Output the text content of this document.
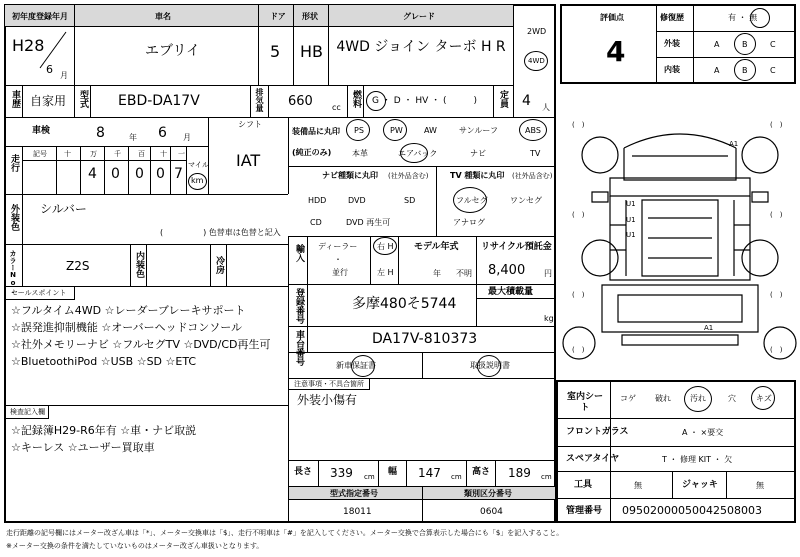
初年度登録年月	車名	ドア 形状	グレード
H28
6 月
エブリイ	5 HB 4WD ジョイン ターボ H R
2WD
4WD
車歴 自家用 型式 EBD-DA17V	排気量 660 cc 燃料 G ・ D ・ HV ・ (　　　) 定員 4 人
車検	8	年 6 月
シフト
IAT
走行 記号 十	万 千 百 十 一
4 0 0 0 7
マイル
km
外装色 シルバー
(　　　　　) 色替車は色替と記入
カラーNo.	Z2S	内装色	冷房
装備品に丸印
(純正のみ)
PS	PW	AW	サンルーフ	ABS
本革	エアバック	ナビ	TV
ナビ種類に丸印 (社外品含む)
HDD	DVD	SD
CD	DVD 再生可
TV 種類に丸印 (社外品含む)
フルセグ	ワンセグ
アナログ
輸入 ディーラー
・
並行
右 H
左 H
モデル年式
年 不明
リサイクル預託金
8,400 円
セールスポイント
☆フルタイム4WD ☆レーダーブレーキサポート
☆誤発進抑制機能 ☆オーバーヘッドコンソール
☆社外メモリーナビ ☆フルセグTV ☆DVD/CD再生可
☆BluetoothiPod ☆USB ☆SD ☆ETC
検査記入欄
☆記録簿H29-R6年有 ☆車・ナビ取説
☆キーレス ☆ユーザー買取車
登録番号	多摩480そ5744
最大積載量
kg
車台番号	DA17V-810373
新車保証書	取扱説明書
注意事項・不具合箇所
外装小傷有
長さ 339 cm 幅 147 cm 高さ 189 cm
型式指定番号	類別区分番号
18011	0604
評価点
4
修復歴	有 ・ 無
外装	A	B	C
内装	A	B	C
(　)	(　)
(　)	(　)
(　)	(　)
(　)	(　)
A1
U1
U1
U1
A1
室内シート
コゲ 破れ 汚れ	穴	キズ
フロントガラス	A ・ ×要交
スペアタイヤ	T ・ 修理 KIT ・ 欠
工具	無	ジャッキ	無
管理番号 09502000050042508003
走行距離の記号欄にはメーター改ざん車は「*」、メーター交換車は「$」、走行不明車は「#」を記入してください。メーター交換で合算表示した場合にも「$」を記入すること。
※メーター交換の条件を満たしていないものはメーター改ざん車扱いとなります。
